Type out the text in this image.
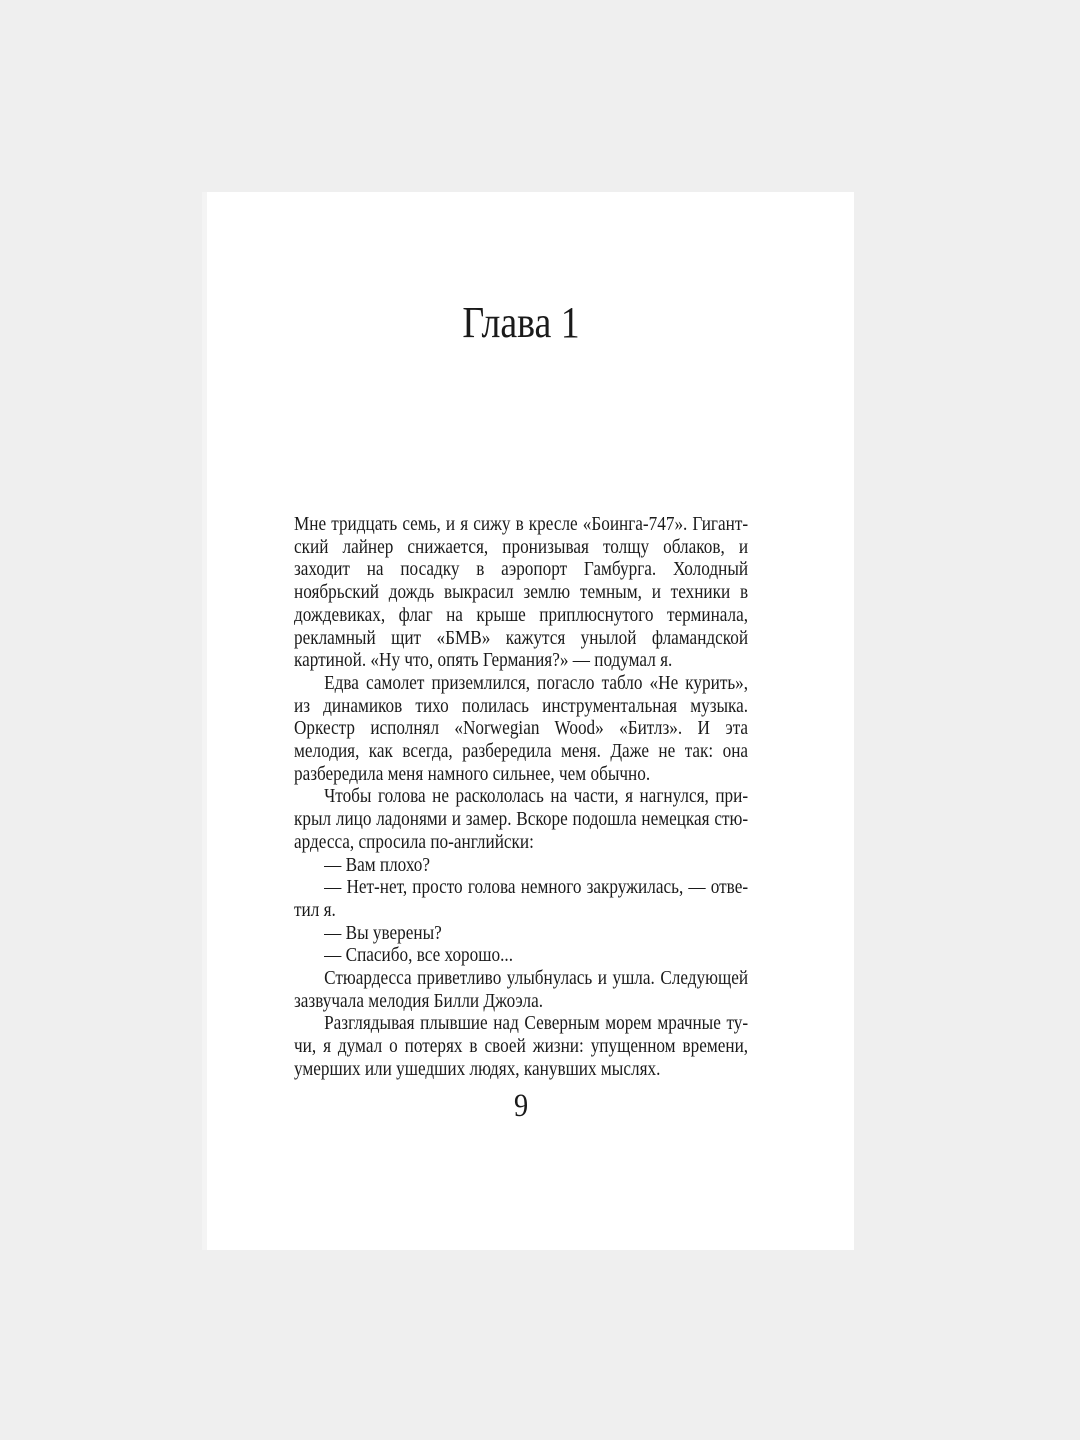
Глава 1

Мне тридцать семь, и я сижу в кресле «Боинга-747». Гигантский лайнер снижается, пронизывая толщу облаков, и заходит на посадку в аэропорт Гамбурга. Холодный ноябрьский дождь выкрасил землю темным, и техники в дождевиках, флаг на крыше приплюснутого терминала, рекламный щит «БМВ» кажутся унылой фламандской картиной. «Ну что, опять Германия?» — подумал я.

Едва самолет приземлился, погасло табло «Не курить», из динамиков тихо полилась инструментальная музыка. Оркестр исполнял «Norwegian Wood» «Битлз». И эта мелодия, как всегда, разбередила меня. Даже не так: она разбередила меня намного сильнее, чем обычно.

Чтобы голова не раскололась на части, я нагнулся, прикрыл лицо ладонями и замер. Вскоре подошла немецкая стюардесса, спросила по-английски:

— Вам плохо?

— Нет-нет, просто голова немного закружилась, — ответил я.

— Вы уверены?

— Спасибо, все хорошо...

Стюардесса приветливо улыбнулась и ушла. Следующей зазвучала мелодия Билли Джоэла.

Разглядывая плывшие над Северным морем мрачные тучи, я думал о потерях в своей жизни: упущенном времени, умерших или ушедших людях, канувших мыслях.

9
